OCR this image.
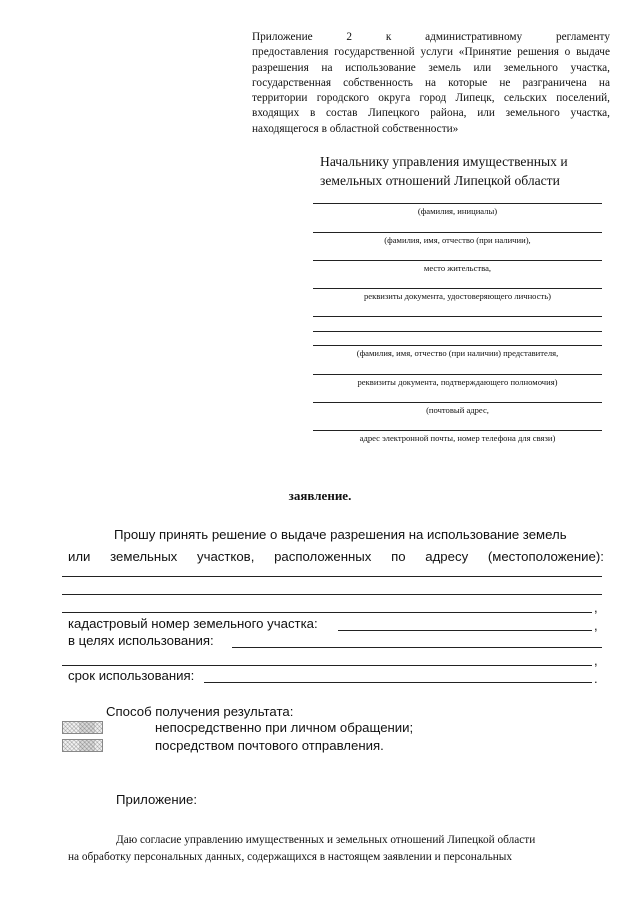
Приложение	2	к	административному	регламенту
предоставления государственной услуги «Принятие решения о выдаче разрешения на использование земель или земельного участка, государственная собственность на которые не разграничена на территории городского округа город Липецк, сельских поселений, входящих в состав Липецкого района, или земельного участка, находящегося в областной собственности»
Начальнику управления имущественных и
земельных отношений Липецкой области
(фамилия, инициалы)
(фамилия, имя, отчество (при наличии),
место жительства,
реквизиты документа, удостоверяющего личность)
(фамилия, имя, отчество (при наличии) представителя,
реквизиты документа, подтверждающего полномочия)
(почтовый адрес,
адрес электронной почты, номер телефона для связи)
заявление.
Прошу принять решение о выдаче разрешения на использование земель
или земельных участков, расположенных по адресу (местоположение):
,
кадастровый номер земельного участка:	,
в целях использования:
,
срок использования:	.
Способ получения результата:
непосредственно при личном обращении;
посредством почтового отправления.
Приложение:
Даю согласие управлению имущественных и земельных отношений Липецкой области
на обработку персональных данных, содержащихся в настоящем заявлении и персональных
